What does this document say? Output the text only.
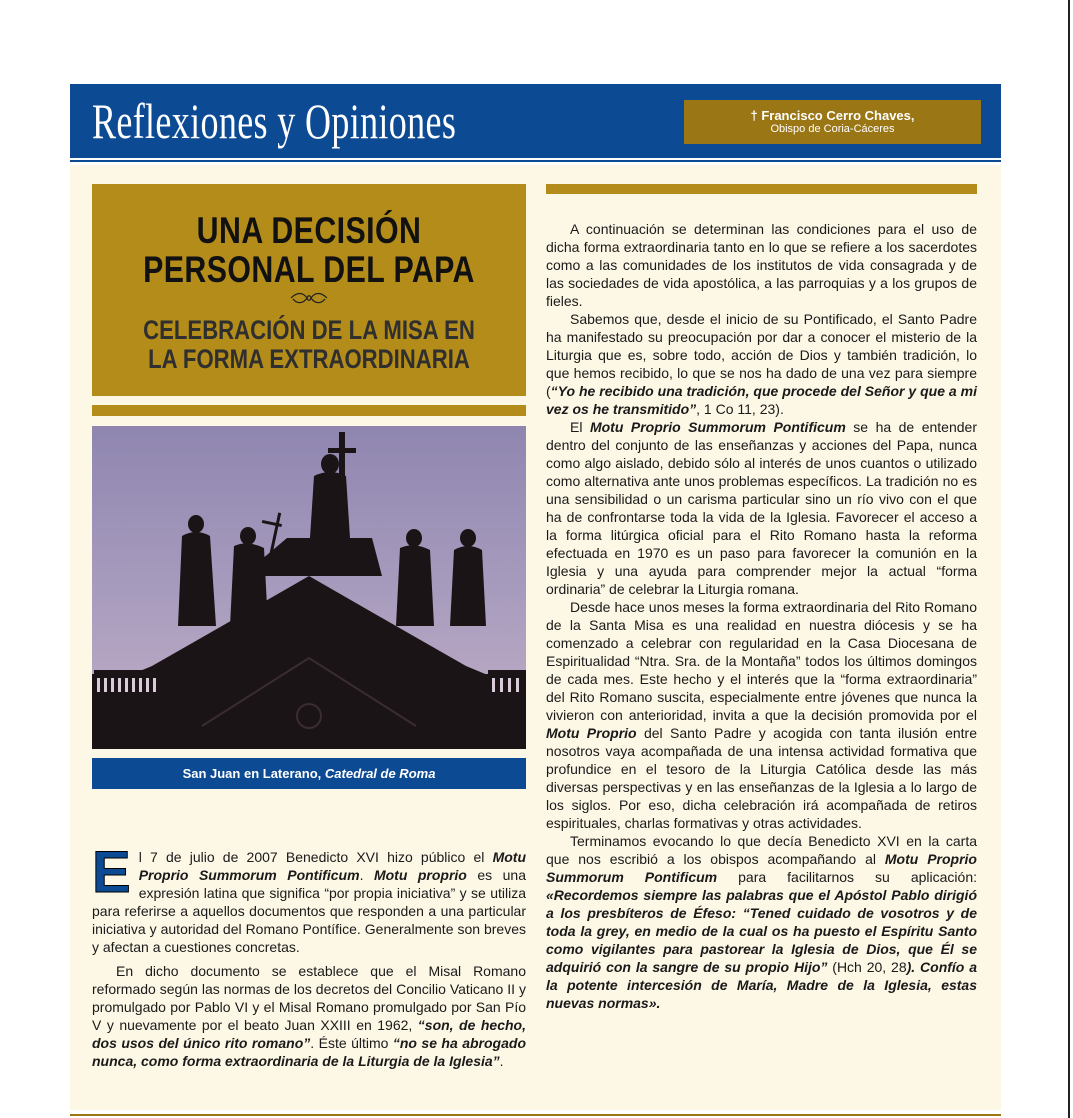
Reflexiones y Opiniones	† Francisco Cerro Chaves,
Obispo de Coria-Cáceres
UNA DECISIÓN
PERSONAL DEL PAPA
CELEBRACIÓN DE LA MISA EN
LA FORMA EXTRAORDINARIA
San Juan en Laterano, Catedral de Roma

El 7 de julio de 2007 Benedicto XVI hizo público el Motu Proprio Summorum Pontificum. Motu proprio es una expresión latina que significa “por propia iniciativa” y se utiliza para referirse a aquellos documentos que responden a una particular iniciativa y autoridad del Romano Pontífice. Generalmente son breves y afectan a cuestiones concretas.

En dicho documento se establece que el Misal Romano reformado según las normas de los decretos del Concilio Vaticano II y promulgado por Pablo VI y el Misal Romano promulgado por San Pío V y nuevamente por el beato Juan XXIII en 1962, “son, de hecho, dos usos del único rito romano”. Éste último “no se ha abrogado nunca, como forma extraordinaria de la Liturgia de la Iglesia”.

A continuación se determinan las condiciones para el uso de dicha forma extraordinaria tanto en lo que se refiere a los sacerdotes como a las comunidades de los institutos de vida consagrada y de las sociedades de vida apostólica, a las parroquias y a los grupos de fieles.

Sabemos que, desde el inicio de su Pontificado, el Santo Padre ha manifestado su preocupación por dar a conocer el misterio de la Liturgia que es, sobre todo, acción de Dios y también tradición, lo que hemos recibido, lo que se nos ha dado de una vez para siempre (“Yo he recibido una tradición, que procede del Señor y que a mi vez os he transmitido”, 1 Co 11, 23).

El Motu Proprio Summorum Pontificum se ha de entender dentro del conjunto de las enseñanzas y acciones del Papa, nunca como algo aislado, debido sólo al interés de unos cuantos o utilizado como alternativa ante unos problemas específicos. La tradición no es una sensibilidad o un carisma particular sino un río vivo con el que ha de confrontarse toda la vida de la Iglesia. Favorecer el acceso a la forma litúrgica oficial para el Rito Romano hasta la reforma efectuada en 1970 es un paso para favorecer la comunión en la Iglesia y una ayuda para comprender mejor la actual “forma ordinaria” de celebrar la Liturgia romana.

Desde hace unos meses la forma extraordinaria del Rito Romano de la Santa Misa es una realidad en nuestra diócesis y se ha comenzado a celebrar con regularidad en la Casa Diocesana de Espiritualidad “Ntra. Sra. de la Montaña” todos los últimos domingos de cada mes. Este hecho y el interés que la “forma extraordinaria” del Rito Romano suscita, especialmente entre jóvenes que nunca la vivieron con anterioridad, invita a que la decisión promovida por el Motu Proprio del Santo Padre y acogida con tanta ilusión entre nosotros vaya acompañada de una intensa actividad formativa que profundice en el tesoro de la Liturgia Católica desde las más diversas perspectivas y en las enseñanzas de la Iglesia a lo largo de los siglos. Por eso, dicha celebración irá acompañada de retiros espirituales, charlas formativas y otras actividades.

Terminamos evocando lo que decía Benedicto XVI en la carta que nos escribió a los obispos acompañando al Motu Proprio Summorum Pontificum para facilitarnos su aplicación: «Recordemos siempre las palabras que el Apóstol Pablo dirigió a los presbíteros de Éfeso: “Tened cuidado de vosotros y de toda la grey, en medio de la cual os ha puesto el Espíritu Santo como vigilantes para pastorear la Iglesia de Dios, que Él se adquirió con la sangre de su propio Hijo” (Hch 20, 28). Confío a la potente intercesión de María, Madre de la Iglesia, estas nuevas normas».
